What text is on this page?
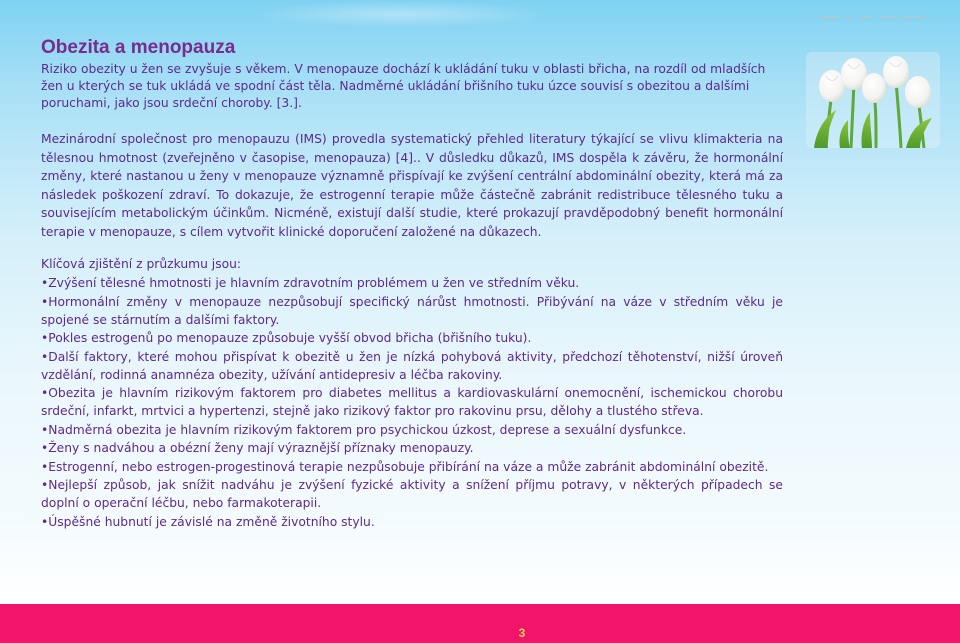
Obezita a menopauza
Riziko obezity u žen se zvyšuje s věkem. V menopauze dochází k ukládání tuku v oblasti břicha, na rozdíl od mladších žen u kterých se tuk ukládá ve spodní část těla. Nadměrné ukládání břišního tuku úzce souvisí s obezitou a dalšími poruchami, jako jsou srdeční choroby. [3.].
Mezinárodní společnost pro menopauzu (IMS) provedla systematický přehled literatury týkající se vlivu klimakteria na tělesnou hmotnost (zveřejněno v časopise, menopauza) [4].. V důsledku důkazů, IMS dospěla k závěru, že hormonální změny, které nastanou u ženy v menopauze významně přispívají ke zvýšení centrální abdominální obezity, která má za následek poškození zdraví. To dokazuje, že estrogenní terapie může částečně zabránit redistribuce tělesného tuku a souvisejícím metabolickým účinkům. Nicméně, existují další studie, které prokazují pravděpodobný benefit hormonální terapie v menopauze, s cílem vytvořit klinické doporučení založené na důkazech.
Klíčová zjištění z průzkumu jsou:
•Zvýšení tělesné hmotnosti je hlavním zdravotním problémem u žen ve středním věku.
•Hormonální změny v menopauze nezpůsobují specifický nárůst hmotnosti. Přibývání na váze v středním věku je spojené se stárnutím a dalšími faktory.
•Pokles estrogenů po menopauze způsobuje vyšší obvod břicha (břišního tuku).
•Další faktory, které mohou přispívat k obezitě u žen je nízká pohybová aktivity, předchozí těhotenství, nižší úroveň vzdělání, rodinná anamnéza obezity, užívání antidepresiv a léčba rakoviny.
•Obezita je hlavním rizikovým faktorem pro diabetes mellitus a kardiovaskulární onemocnění, ischemickou chorobu srdeční, infarkt, mrtvici a hypertenzi, stejně jako rizikový faktor pro rakovinu prsu, dělohy a tlustého střeva.
•Nadměrná obezita je hlavním rizikovým faktorem pro psychickou úzkost, deprese a sexuální dysfunkce.
•Ženy s nadváhou a obézní ženy mají výraznější příznaky menopauzy.
•Estrogenní, nebo estrogen-progestinová terapie nezpůsobuje přibírání na váze a může zabránit abdominální obezitě.
•Nejlepší způsob, jak snížit nadváhu je zvýšení fyzické aktivity a snížení příjmu potravy, v některých případech se doplní o operační léčbu, nebo farmakoterapii.
•Úspěšné hubnutí je závislé na změně životního stylu.
3
